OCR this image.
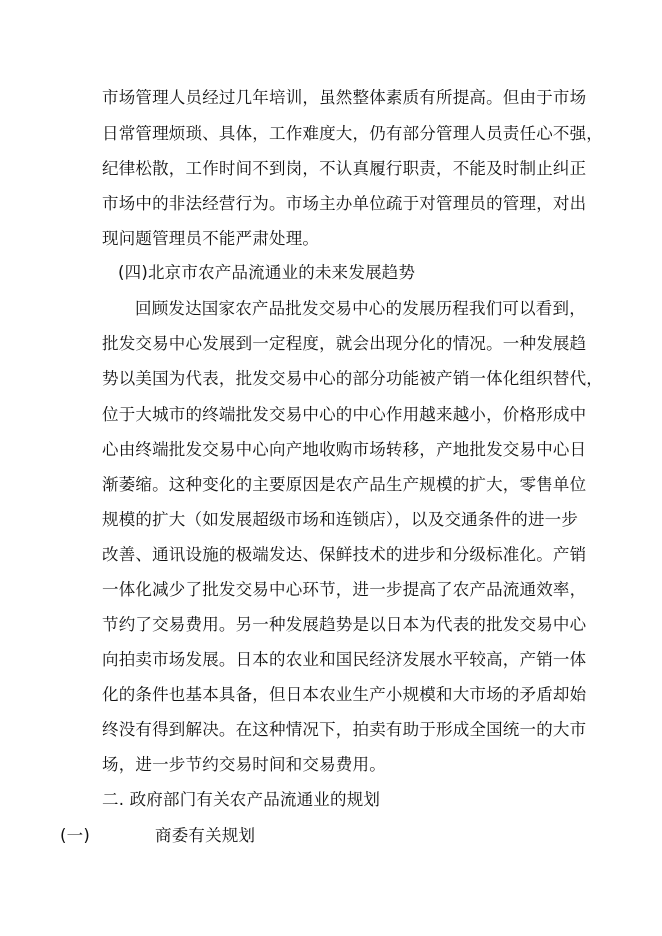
市场管理人员经过几年培训，虽然整体素质有所提高。但由于市场
日常管理烦琐、具体，工作难度大，仍有部分管理人员责任心不强，
纪律松散，工作时间不到岗，不认真履行职责，不能及时制止纠正
市场中的非法经营行为。市场主办单位疏于对管理员的管理，对出
现问题管理员不能严肃处理。
(四)北京市农产品流通业的未来发展趋势
回顾发达国家农产品批发交易中心的发展历程我们可以看到，
批发交易中心发展到一定程度，就会出现分化的情况。一种发展趋
势以美国为代表，批发交易中心的部分功能被产销一体化组织替代，
位于大城市的终端批发交易中心的中心作用越来越小，价格形成中
心由终端批发交易中心向产地收购市场转移，产地批发交易中心日
渐萎缩。这种变化的主要原因是农产品生产规模的扩大，零售单位
规模的扩大（如发展超级市场和连锁店），以及交通条件的进一步
改善、通讯设施的极端发达、保鲜技术的进步和分级标准化。产销
一体化减少了批发交易中心环节，进一步提高了农产品流通效率，
节约了交易费用。另一种发展趋势是以日本为代表的批发交易中心
向拍卖市场发展。日本的农业和国民经济发展水平较高，产销一体
化的条件也基本具备，但日本农业生产小规模和大市场的矛盾却始
终没有得到解决。在这种情况下，拍卖有助于形成全国统一的大市
场，进一步节约交易时间和交易费用。
二. 政府部门有关农产品流通业的规划
(一)	商委有关规划
